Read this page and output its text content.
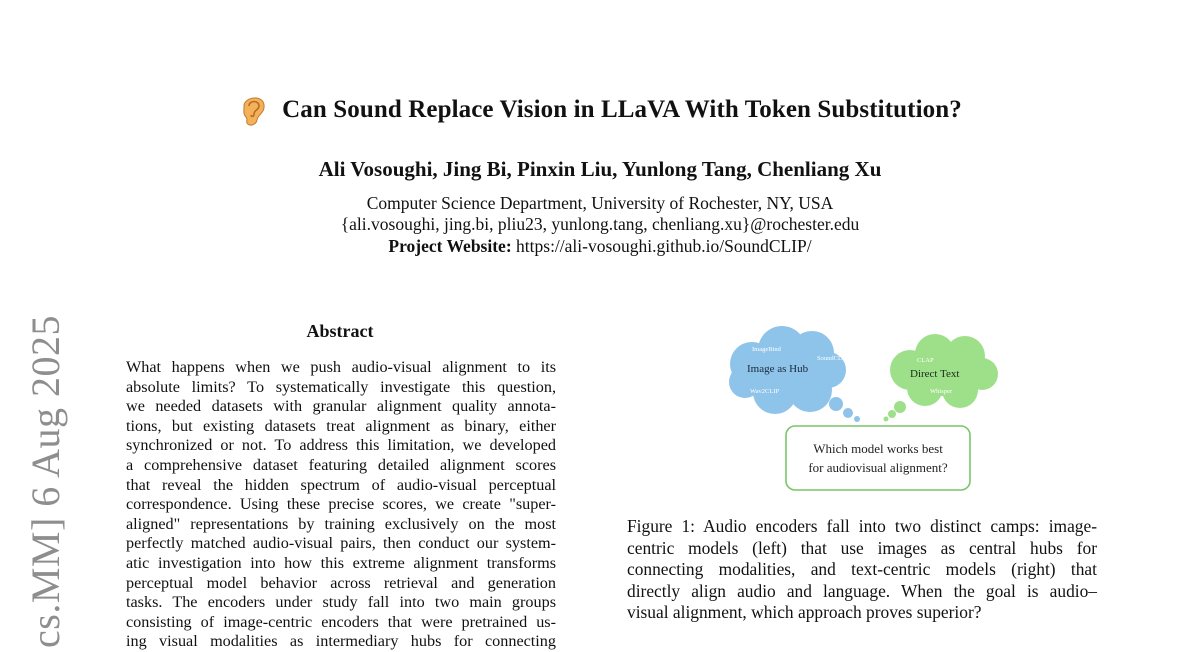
Can Sound Replace Vision in LLaVA With Token Substitution?
Ali Vosoughi, Jing Bi, Pinxin Liu, Yunlong Tang, Chenliang Xu
Computer Science Department, University of Rochester, NY, USA
{ali.vosoughi, jing.bi, pliu23, yunlong.tang, chenliang.xu}@rochester.edu
Project Website: https://ali-vosoughi.github.io/SoundCLIP/
cs.MM] 6 Aug 2025	Abstract
What happens when we push audio-visual alignment to its
absolute limits? To systematically investigate this question,
we needed datasets with granular alignment quality annota-
tions, but existing datasets treat alignment as binary, either
synchronized or not. To address this limitation, we developed
a comprehensive dataset featuring detailed alignment scores
that reveal the hidden spectrum of audio-visual perceptual
correspondence. Using these precise scores, we create "super-
aligned" representations by training exclusively on the most
perfectly matched audio-visual pairs, then conduct our system-
atic investigation into how this extreme alignment transforms
perceptual model behavior across retrieval and generation
tasks. The encoders under study fall into two main groups
consisting of image-centric encoders that were pretrained us-
ing visual modalities as intermediary hubs for connecting
ImageBind
SoundCLIP
Image as Hub
Wav2CLIP
CLAP
Direct Text
Whisper
Which model works best
for audiovisual alignment?
Figure 1: Audio encoders fall into two distinct camps: image-
centric models (left) that use images as central hubs for
connecting modalities, and text-centric models (right) that
directly align audio and language. When the goal is audio–
visual alignment, which approach proves superior?
